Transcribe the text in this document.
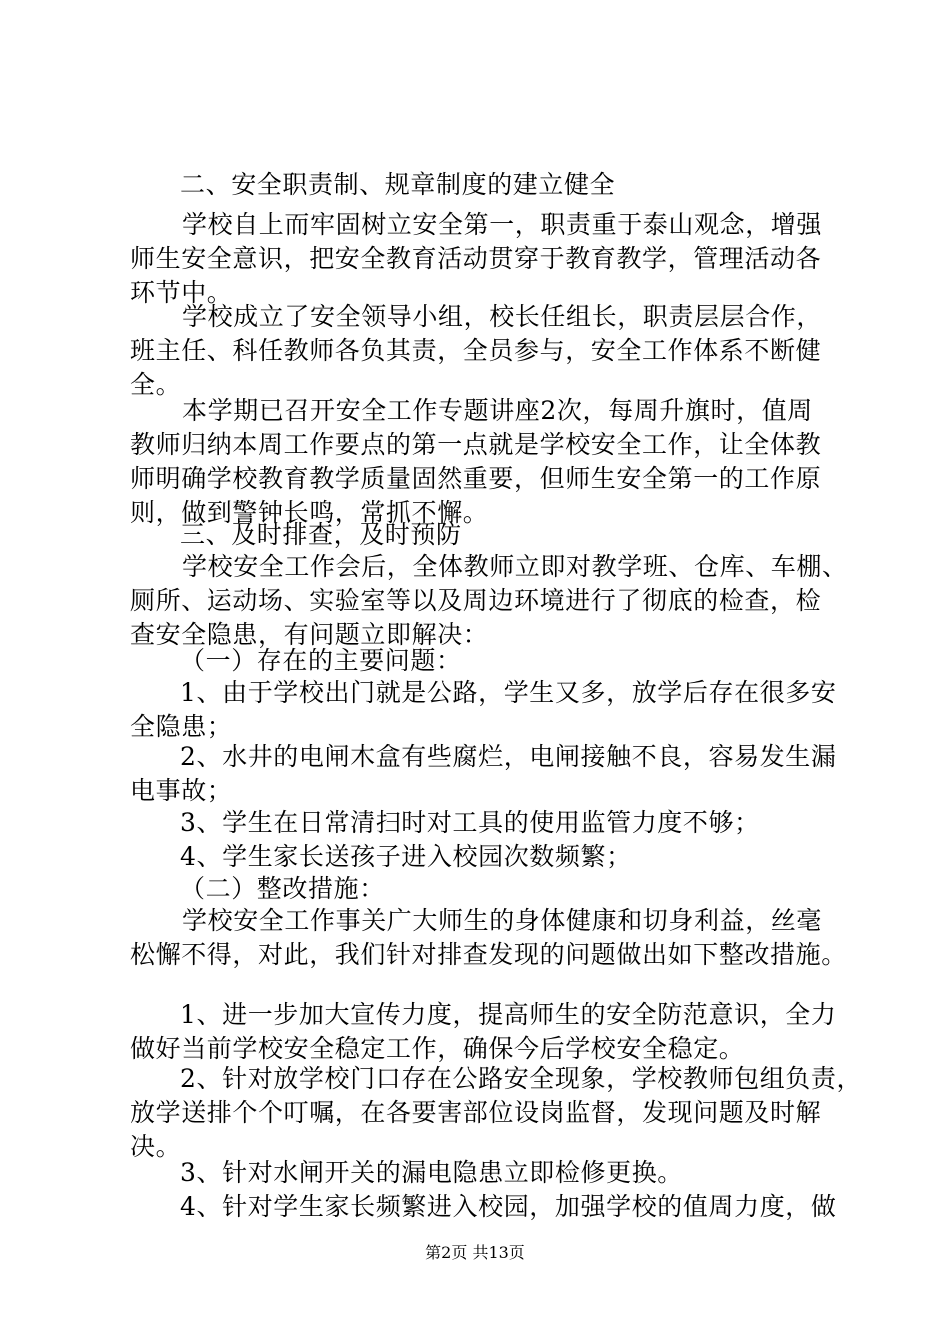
二、安全职责制、规章制度的建立健全

学校自上而牢固树立安全第一，职责重于泰山观念，增强

师生安全意识，把安全教育活动贯穿于教育教学，管理活动各

环节中。

学校成立了安全领导小组，校长任组长，职责层层合作，

班主任、科任教师各负其责，全员参与，安全工作体系不断健

全。

本学期已召开安全工作专题讲座2次，每周升旗时，值周

教师归纳本周工作要点的第一点就是学校安全工作，让全体教

师明确学校教育教学质量固然重要，但师生安全第一的工作原

则，做到警钟长鸣，常抓不懈。

三、及时排查，及时预防

学校安全工作会后，全体教师立即对教学班、仓库、车棚、

厕所、运动场、实验室等以及周边环境进行了彻底的检查，检

查安全隐患，有问题立即解决：

（一）存在的主要问题：

1、由于学校出门就是公路，学生又多，放学后存在很多安

全隐患；

2、水井的电闸木盒有些腐烂，电闸接触不良，容易发生漏

电事故；

3、学生在日常清扫时对工具的使用监管力度不够；

4、学生家长送孩子进入校园次数频繁；

（二）整改措施：

学校安全工作事关广大师生的身体健康和切身利益，丝毫

松懈不得，对此，我们针对排查发现的问题做出如下整改措施。

1、进一步加大宣传力度，提高师生的安全防范意识，全力

做好当前学校安全稳定工作，确保今后学校安全稳定。

2、针对放学校门口存在公路安全现象，学校教师包组负责，

放学送排个个叮嘱，在各要害部位设岗监督，发现问题及时解

决。

3、针对水闸开关的漏电隐患立即检修更换。

4、针对学生家长频繁进入校园，加强学校的值周力度，做

第2页 共13页
